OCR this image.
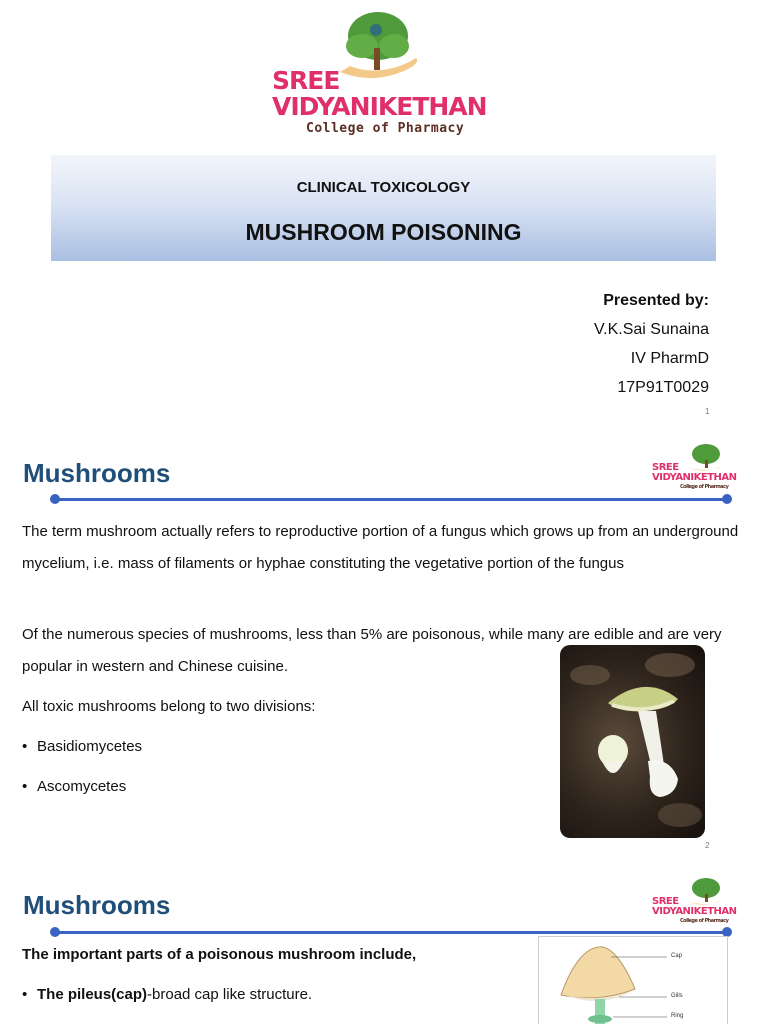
SREE
VIDYANIKETHAN
College of Pharmacy
CLINICAL TOXICOLOGY
MUSHROOM POISONING
Presented by:
V.K.Sai Sunaina
IV PharmD
17P91T0029
1
Mushrooms	SREE
VIDYANIKETHAN
College of Pharmacy
The term mushroom actually refers to reproductive portion of a fungus which grows up from an underground mycelium, i.e. mass of filaments or hyphae constituting the vegetative portion of the fungus
Of the numerous species of mushrooms, less than 5% are poisonous, while many are edible and are very popular in western and Chinese cuisine.
All toxic mushrooms belong to two divisions:
• Basidiomycetes
• Ascomycetes
2
Mushrooms	SREE
VIDYANIKETHAN
College of Pharmacy
The important parts of a poisonous mushroom include,
• The pileus(cap)-broad cap like structure.
Cap
Gills
Ring
